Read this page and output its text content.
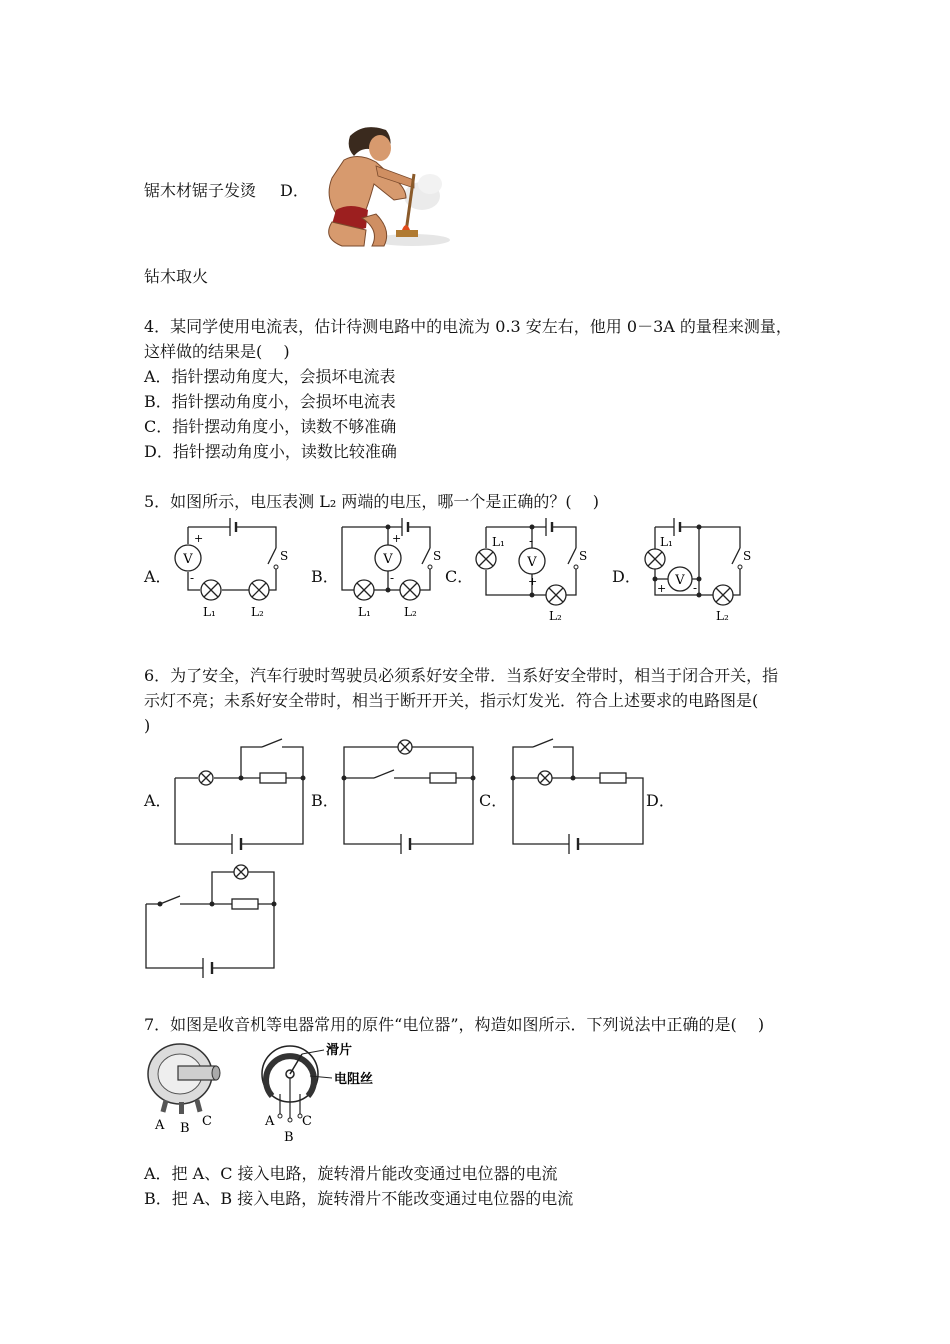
锯木材锯子发烫 D．
钻木取火
4．某同学使用电流表，估计待测电路中的电流为 0.3 安左右，他用 0－3A 的量程来测量，
这样做的结果是(　 )
A．指针摆动角度大，会损坏电流表
B．指针摆动角度小，会损坏电流表
C．指针摆动角度小，读数不够准确
D．指针摆动角度小，读数比较准确
5．如图所示，电压表测 L₂ 两端的电压，哪一个是正确的？(　 )
A．
V
+
-
S
L₁	L₂
B．
V
+
-
S
L₁	L₂
C．
L₁
V
-
+
S
L₂
D．
L₁
V
+ -
S
L₂
6．为了安全，汽车行驶时驾驶员必须系好安全带．当系好安全带时，相当于闭合开关，指
示灯不亮；未系好安全带时，相当于断开开关，指示灯发光．符合上述要求的电路图是(
)
A．	B．	C．	D．
7．如图是收音机等电器常用的原件“电位器”，构造如图所示．下列说法中正确的是(　 )
A B C
滑片
电阻丝
A
B
C
A．把 A、C 接入电路，旋转滑片能改变通过电位器的电流
B．把 A、B 接入电路，旋转滑片不能改变通过电位器的电流
